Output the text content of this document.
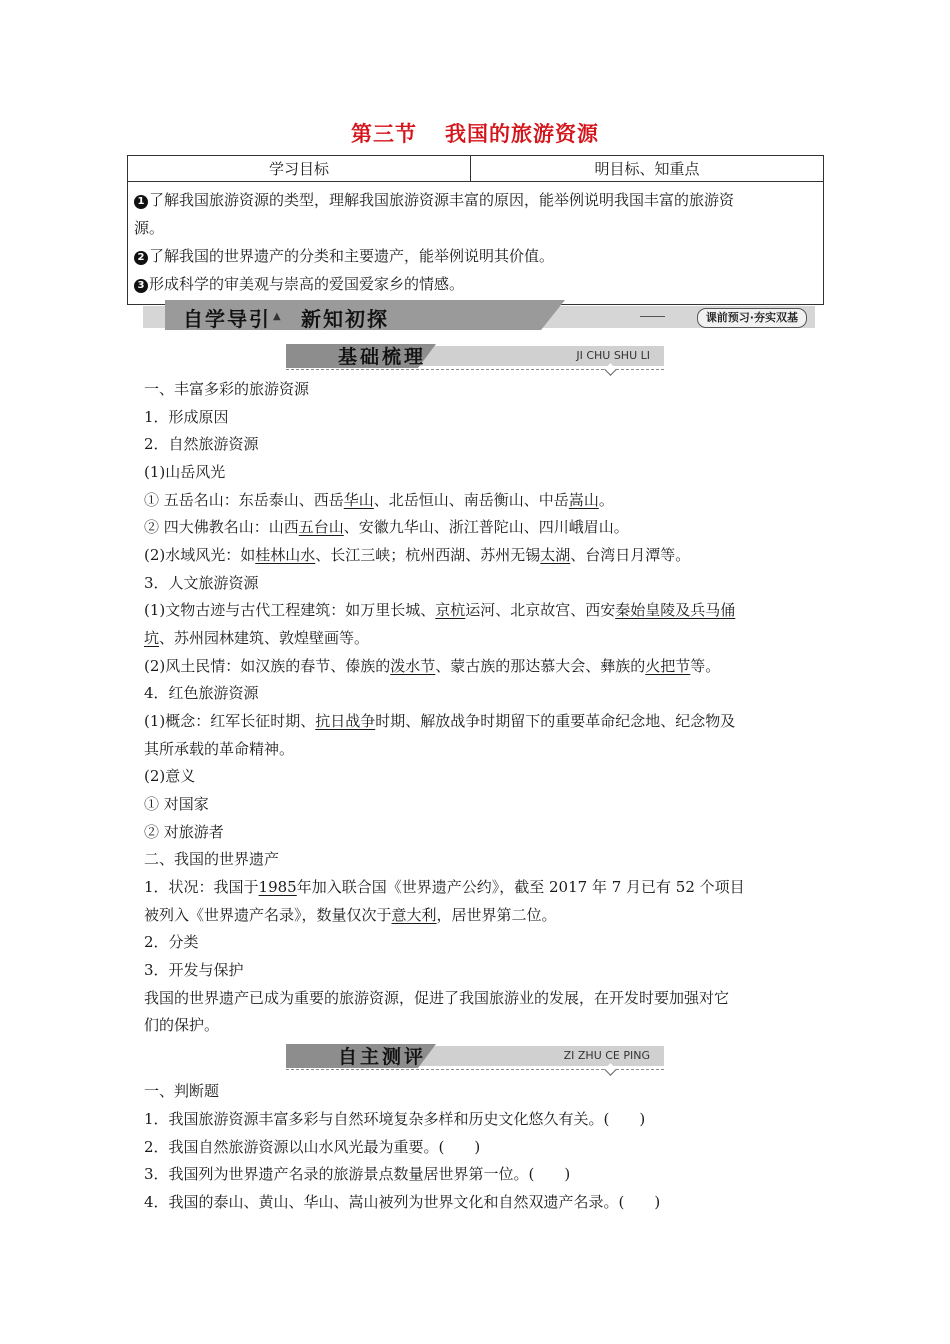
第三节 我国的旅游资源
学习目标	明目标、知重点

1 了解我国旅游资源的类型，理解我国旅游资源丰富的原因，能举例说明我国丰富的旅游资
源。
2 了解我国的世界遗产的分类和主要遗产，能举例说明其价值。
3 形成科学的审美观与崇高的爱国爱家乡的情感。
自学导引 ▲ 新知初探	课前预习·夯实双基
基础梳理	JI CHU SHU LI
一、丰富多彩的旅游资源
1．形成原因
2．自然旅游资源
(1)山岳风光
① 五岳名山：东岳泰山、西岳华山、北岳恒山、南岳衡山、中岳嵩山。
② 四大佛教名山：山西五台山、安徽九华山、浙江普陀山、四川峨眉山。
(2)水域风光：如桂林山水、长江三峡；杭州西湖、苏州无锡太湖、台湾日月潭等。
3．人文旅游资源
(1)文物古迹与古代工程建筑：如万里长城、京杭运河、北京故宫、西安秦始皇陵及兵马俑
坑、苏州园林建筑、敦煌壁画等。
(2)风土民情：如汉族的春节、傣族的泼水节、蒙古族的那达慕大会、彝族的火把节等。
4．红色旅游资源
(1)概念：红军长征时期、抗日战争时期、解放战争时期留下的重要革命纪念地、纪念物及
其所承载的革命精神。
(2)意义
① 对国家
② 对旅游者
二、我国的世界遗产
1．状况：我国于1985年加入联合国《世界遗产公约》，截至 2017 年 7 月已有 52 个项目
被列入《世界遗产名录》，数量仅次于意大利，居世界第二位。
2．分类
3．开发与保护
我国的世界遗产已成为重要的旅游资源，促进了我国旅游业的发展，在开发时要加强对它
们的保护。
自主测评	ZI ZHU CE PING
一、判断题
1．我国旅游资源丰富多彩与自然环境复杂多样和历史文化悠久有关。(　　)
2．我国自然旅游资源以山水风光最为重要。(　　)
3．我国列为世界遗产名录的旅游景点数量居世界第一位。(　　)
4．我国的泰山、黄山、华山、嵩山被列为世界文化和自然双遗产名录。(　　)
